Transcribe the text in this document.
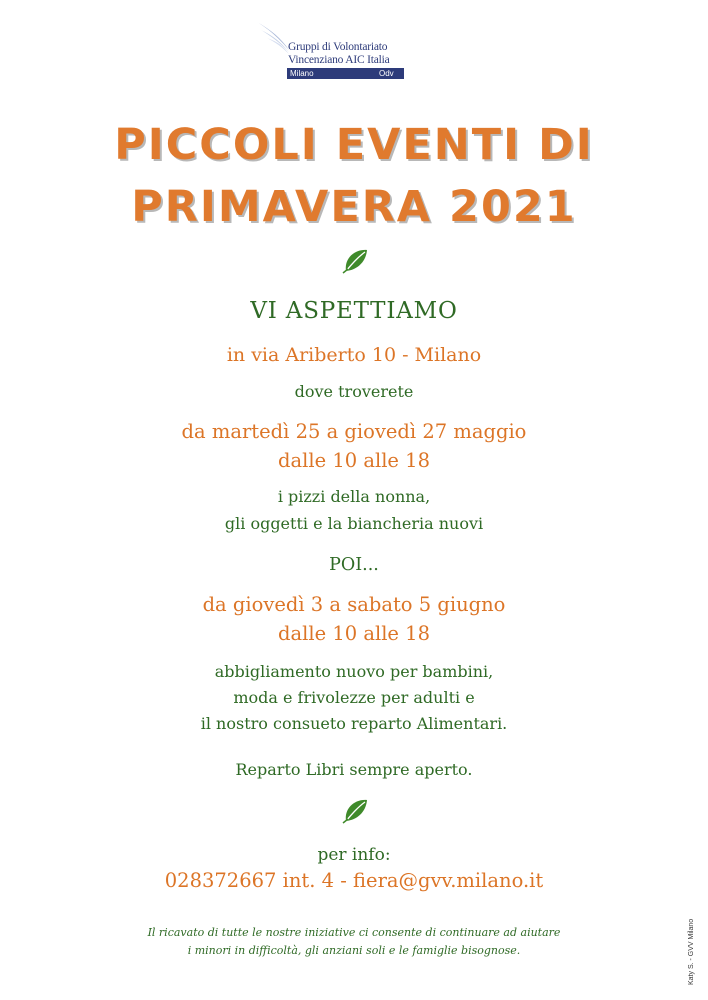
Gruppi di Volontariato
Vincenziano AIC Italia
Milano	Odv
PICCOLI EVENTI DI
PRIMAVERA 2021
VI ASPETTIAMO
in via Ariberto 10 - Milano
dove troverete
da martedì 25 a giovedì 27 maggio
dalle 10 alle 18
i pizzi della nonna,
gli oggetti e la biancheria nuovi
POI...
da giovedì 3 a sabato 5 giugno
dalle 10 alle 18
abbigliamento nuovo per bambini,
moda e frivolezze per adulti e
il nostro consueto reparto Alimentari.
Reparto Libri sempre aperto.
per info:
028372667 int. 4 - fiera@gvv.milano.it
Il ricavato di tutte le nostre iniziative ci consente di continuare ad aiutare
i minori in difficoltà, gli anziani soli e le famiglie bisognose.	Katy S. - GVV Milano
